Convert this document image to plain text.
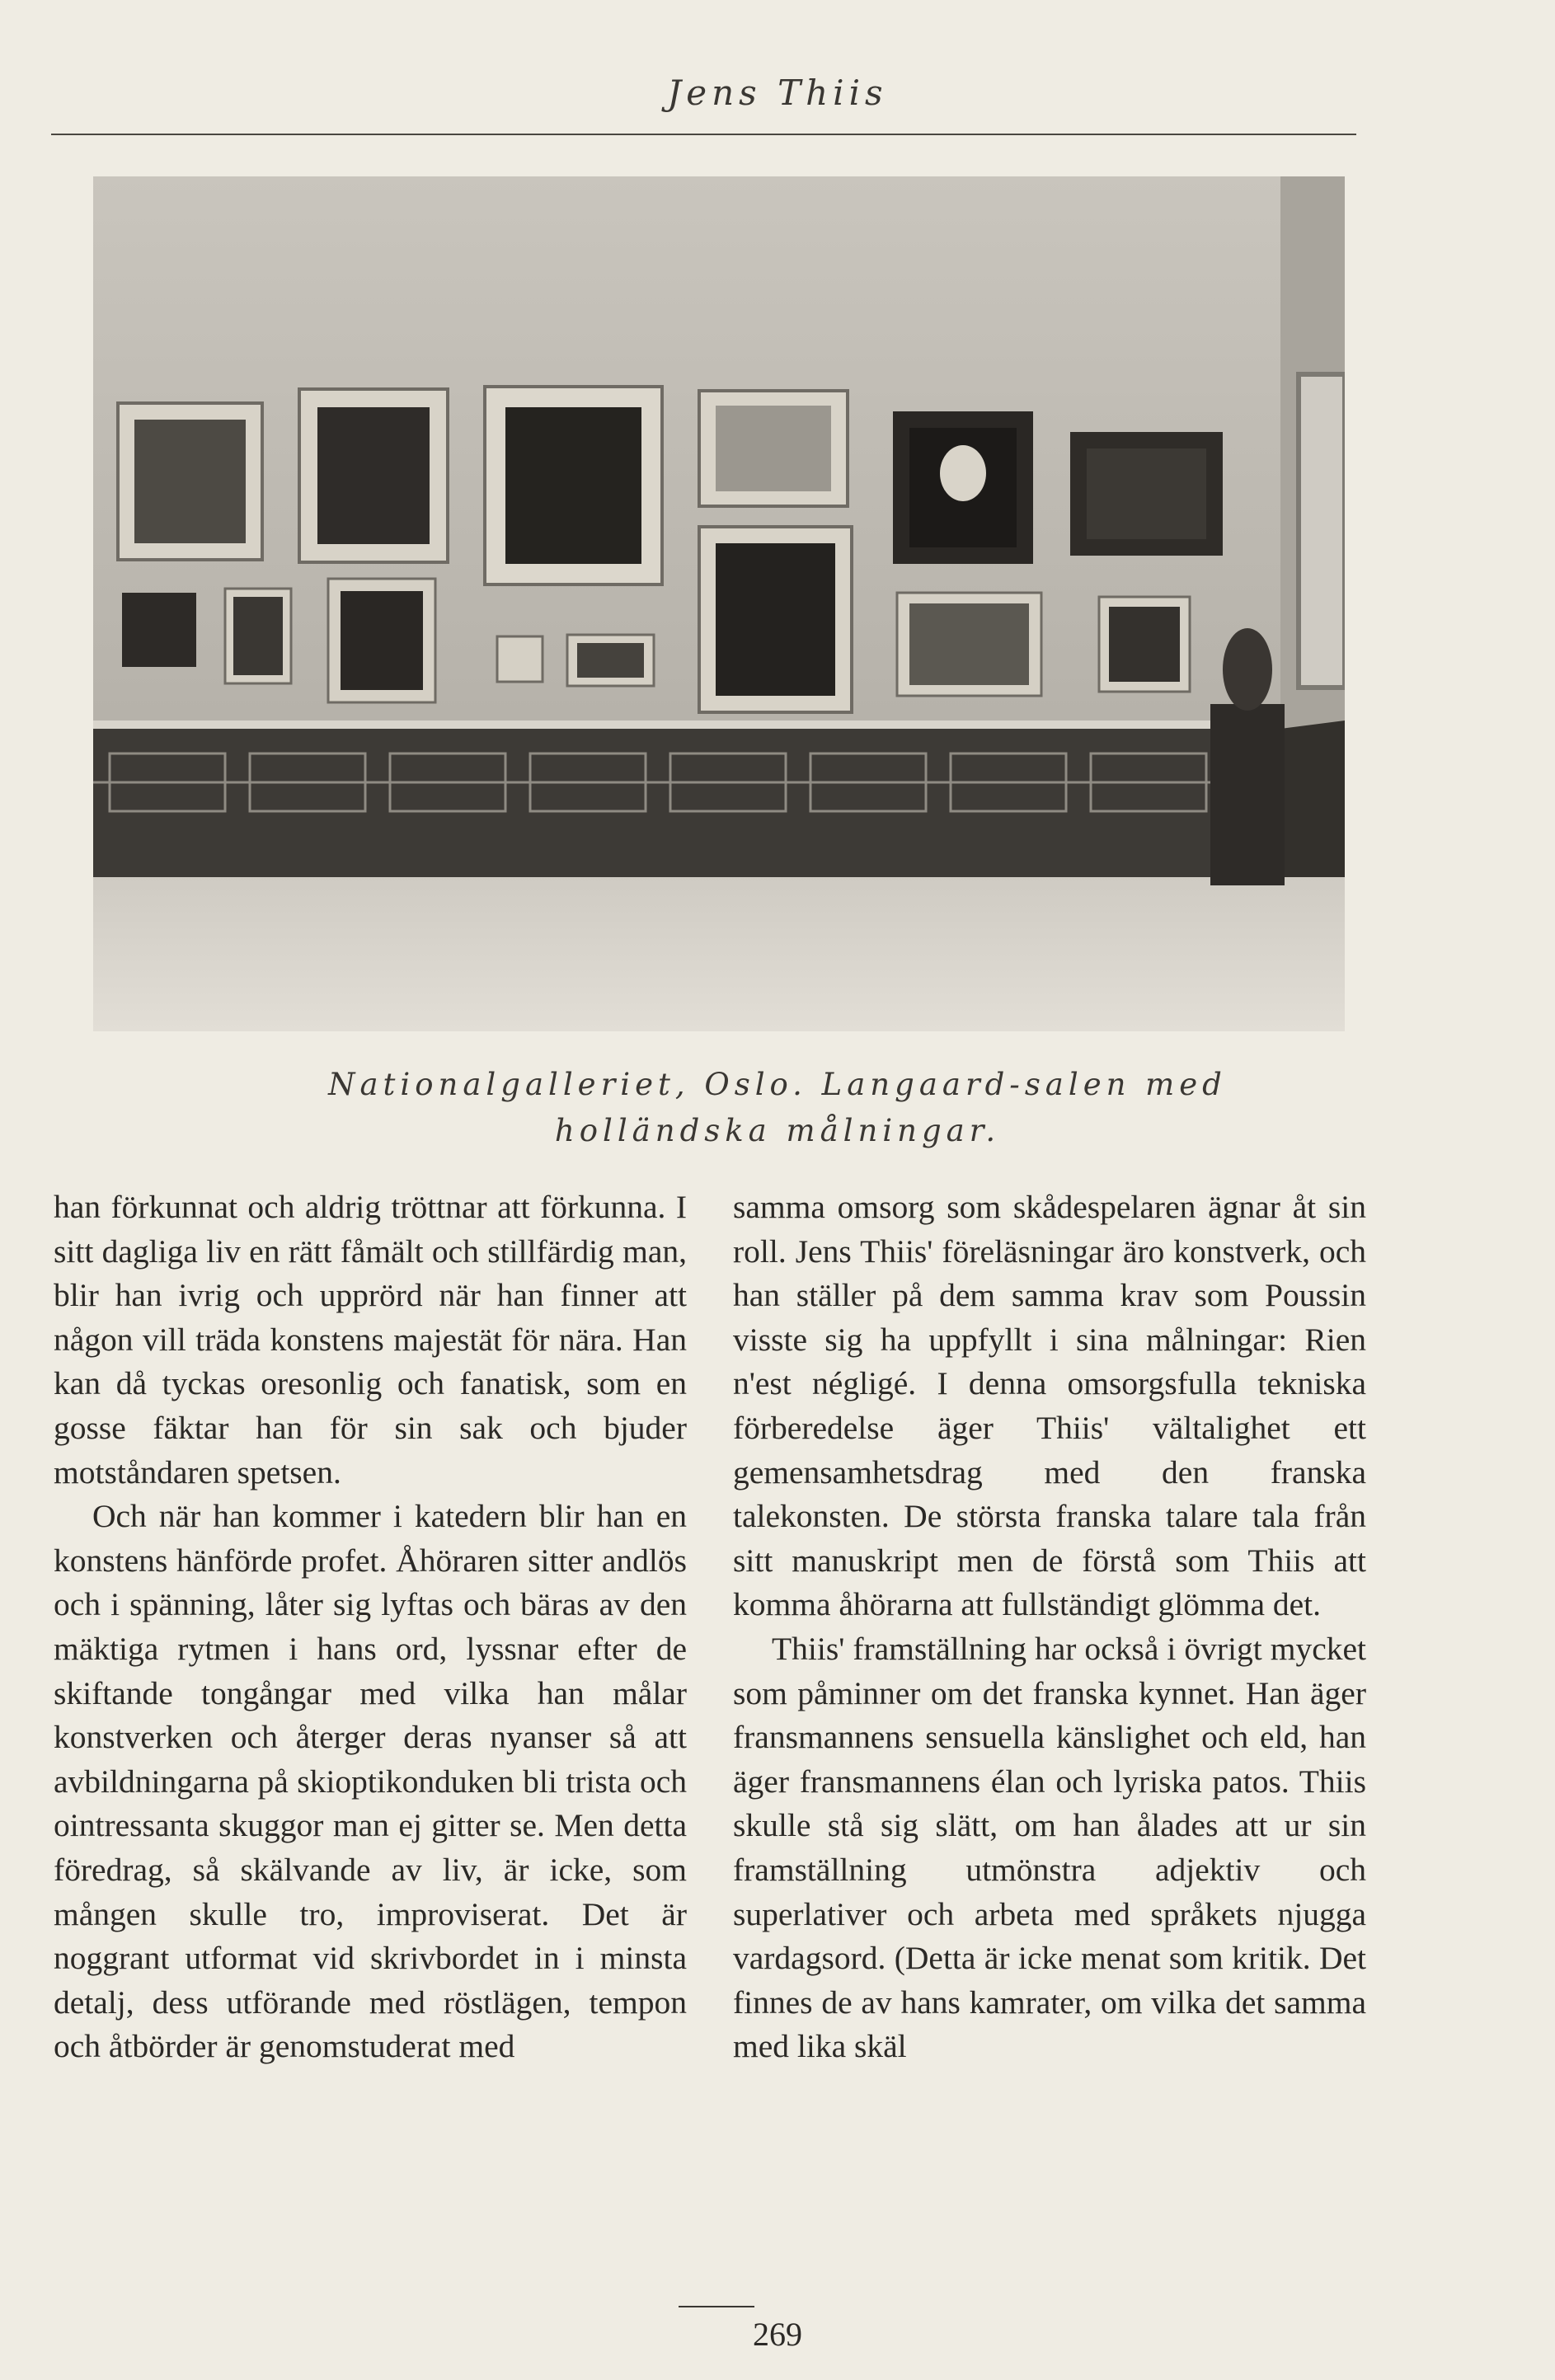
Jens Thiis
Nationalgalleriet, Oslo. Langaard-salen med
holländska målningar.

han förkunnat och aldrig tröttnar att förkunna. I sitt dagliga liv en rätt fåmält och stillfärdig man, blir han ivrig och upprörd när han finner att någon vill träda konstens majestät för nära. Han kan då tyckas oresonlig och fanatisk, som en gosse fäktar han för sin sak och bjuder motståndaren spetsen.

Och när han kommer i katedern blir han en konstens hänförde profet. Åhöraren sitter andlös och i spänning, låter sig lyftas och bäras av den mäktiga rytmen i hans ord, lyssnar efter de skiftande tongångar med vilka han målar konstverken och återger deras nyanser så att avbildningarna på skioptikonduken bli trista och ointressanta skuggor man ej gitter se. Men detta föredrag, så skälvande av liv, är icke, som mången skulle tro, improviserat. Det är noggrant utformat vid skrivbordet in i minsta detalj, dess utförande med röstlägen, tempon och åtbörder är genomstuderat med

samma omsorg som skådespelaren ägnar åt sin roll. Jens Thiis' föreläsningar äro konstverk, och han ställer på dem samma krav som Poussin visste sig ha uppfyllt i sina målningar: Rien n'est négligé. I denna omsorgsfulla tekniska förberedelse äger Thiis' vältalighet ett gemensamhetsdrag med den franska talekonsten. De största franska talare tala från sitt manuskript men de förstå som Thiis att komma åhörarna att fullständigt glömma det.

Thiis' framställning har också i övrigt mycket som påminner om det franska kynnet. Han äger fransmannens sensuella känslighet och eld, han äger fransmannens élan och lyriska patos. Thiis skulle stå sig slätt, om han ålades att ur sin framställning utmönstra adjektiv och superlativer och arbeta med språkets njugga vardagsord. (Detta är icke menat som kritik. Det finnes de av hans kamrater, om vilka det samma med lika skäl

269
